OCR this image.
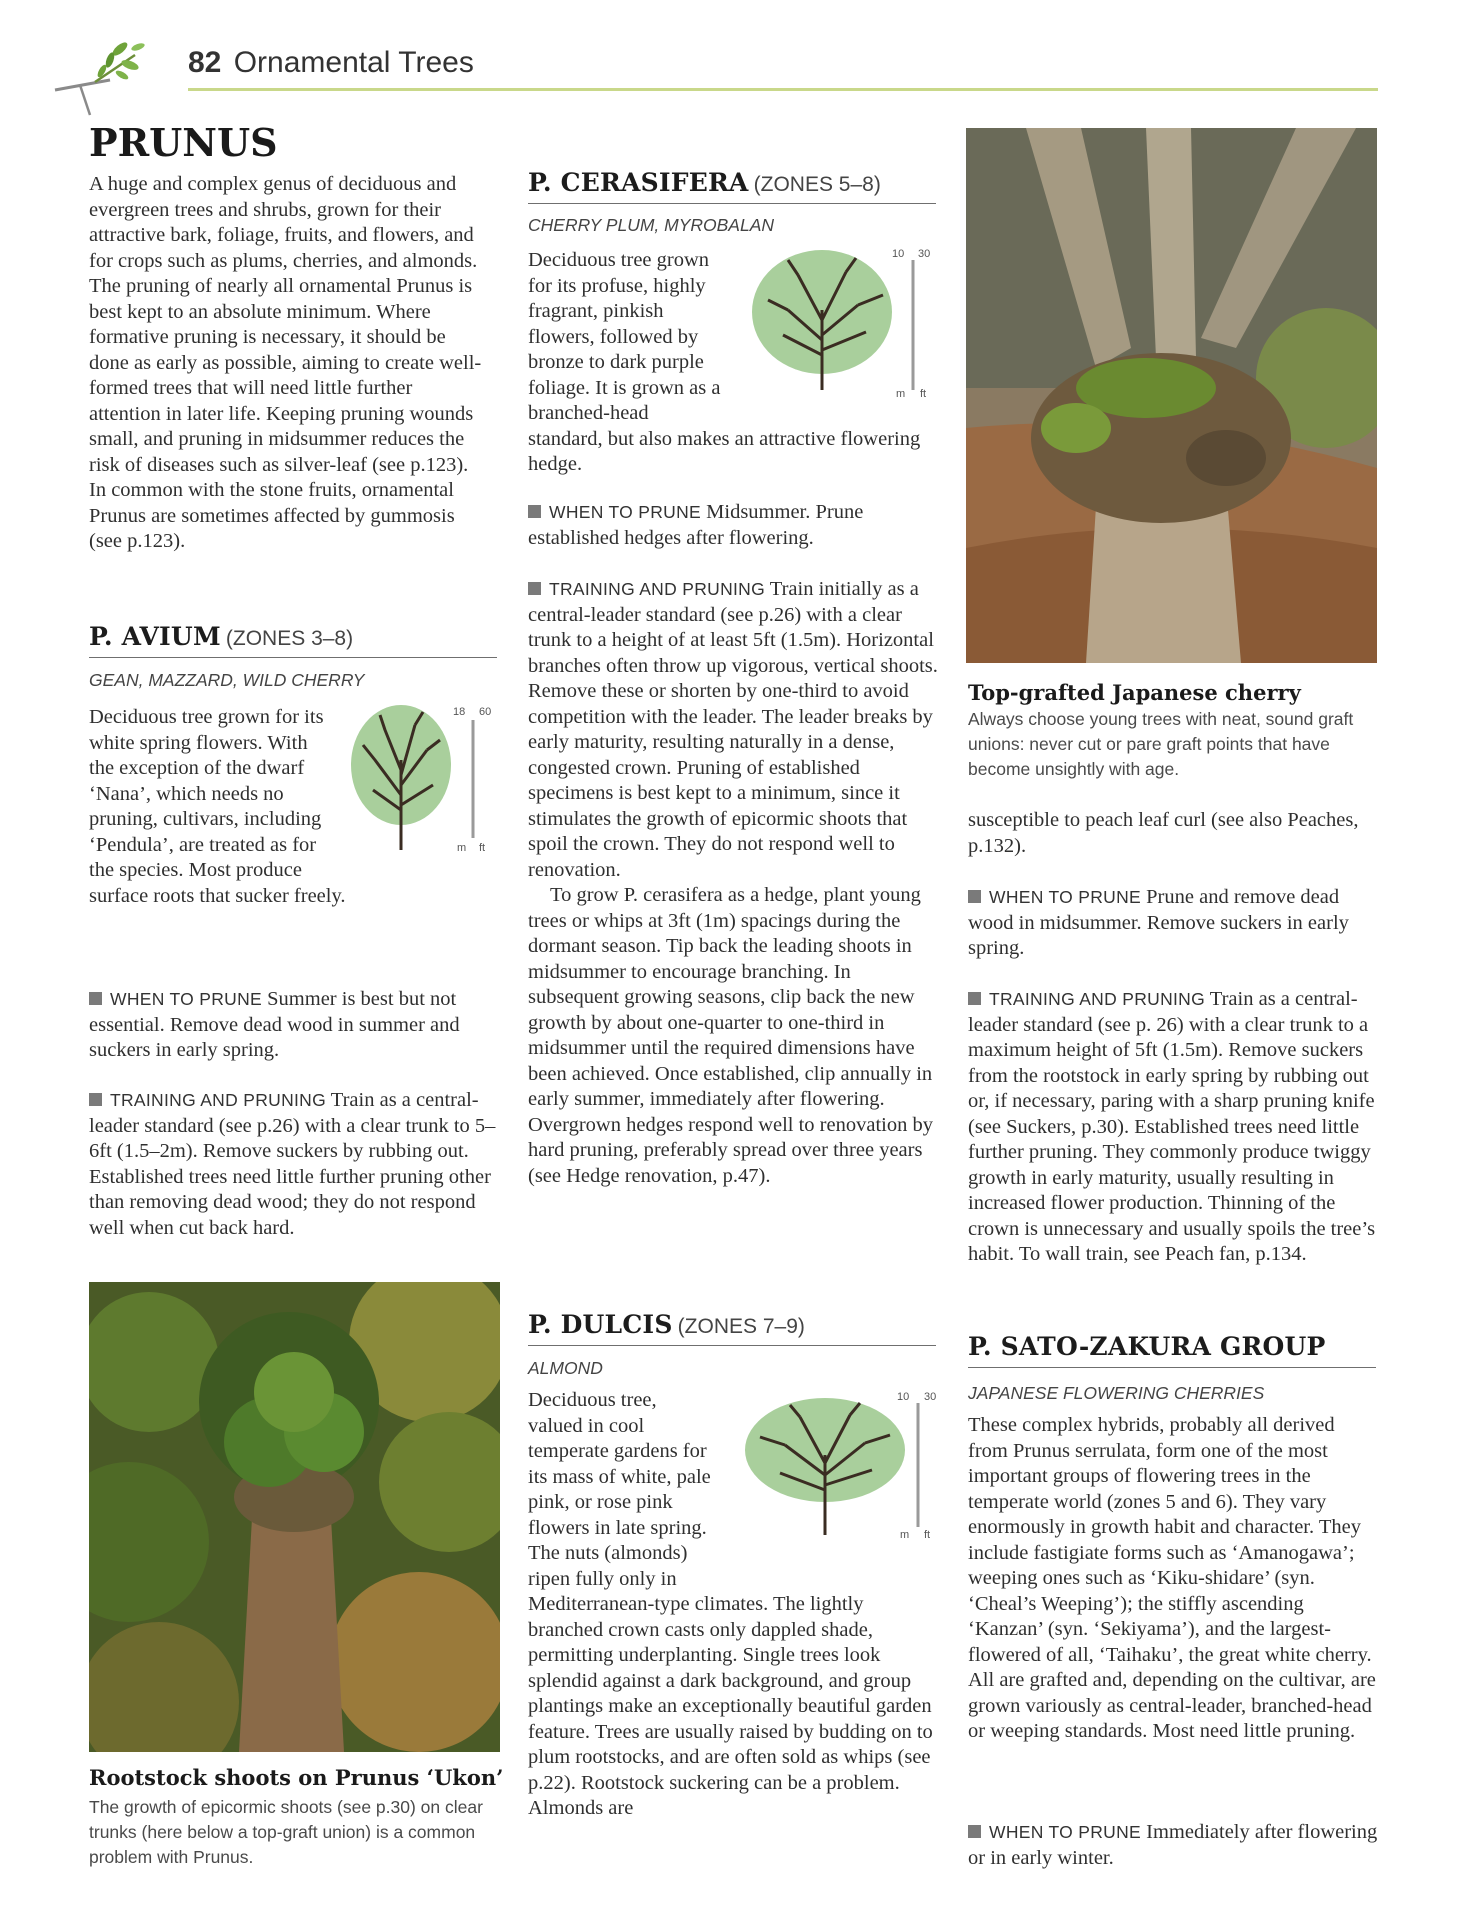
82 Ornamental Trees
PRUNUS

A huge and complex genus of deciduous and evergreen trees and shrubs, grown for their attractive bark, foliage, fruits, and flowers, and for crops such as plums, cherries, and almonds. The pruning of nearly all ornamental Prunus is best kept to an absolute minimum. Where formative pruning is necessary, it should be done as early as possible, aiming to create well-formed trees that will need little further attention in later life. Keeping pruning wounds small, and pruning in midsummer reduces the risk of diseases such as silver-leaf (see p.123). In common with the stone fruits, ornamental Prunus are sometimes affected by gummosis (see p.123).

P. AVIUM (ZONES 3–8)
GEAN, MAZZARD, WILD CHERRY
18 60
m ft

Deciduous tree grown for its white spring flowers. With the exception of the dwarf ‘Nana’, which needs no pruning, cultivars, including ‘Pendula’, are treated as for the species. Most produce surface roots that sucker freely.

WHEN TO PRUNE Summer is best but not essential. Remove dead wood in summer and suckers in early spring.
TRAINING AND PRUNING Train as a central-leader standard (see p.26) with a clear trunk to 5–6ft (1.5–2m). Remove suckers by rubbing out. Established trees need little further pruning other than removing dead wood; they do not respond well when cut back hard.
Rootstock shoots on Prunus ‘Ukon’
The growth of epicormic shoots (see p.30) on clear trunks (here below a top-graft union) is a common problem with Prunus.
P. CERASIFERA (ZONES 5–8)
CHERRY PLUM, MYROBALAN
10 30
m ft

Deciduous tree grown for its profuse, highly fragrant, pinkish flowers, followed by bronze to dark purple foliage. It is grown as a branched-head standard, but also makes an attractive flowering hedge.

WHEN TO PRUNE Midsummer. Prune established hedges after flowering.

TRAINING AND PRUNING Train initially as a central-leader standard (see p.26) with a clear trunk to a height of at least 5ft (1.5m). Horizontal branches often throw up vigorous, vertical shoots. Remove these or shorten by one-third to avoid competition with the leader. The leader breaks by early maturity, resulting naturally in a dense, congested crown. Pruning of established specimens is best kept to a minimum, since it stimulates the growth of epicormic shoots that spoil the crown. They do not respond well to renovation.

To grow P. cerasifera as a hedge, plant young trees or whips at 3ft (1m) spacings during the dormant season. Tip back the leading shoots in midsummer to encourage branching. In subsequent growing seasons, clip back the new growth by about one-quarter to one-third in midsummer until the required dimensions have been achieved. Once established, clip annually in early summer, immediately after flowering. Overgrown hedges respond well to renovation by hard pruning, preferably spread over three years (see Hedge renovation, p.47).

P. DULCIS (ZONES 7–9)
ALMOND
10 30
m ft

Deciduous tree, valued in cool temperate gardens for its mass of white, pale pink, or rose pink flowers in late spring. The nuts (almonds) ripen fully only in Mediterranean-type climates. The lightly branched crown casts only dappled shade, permitting underplanting. Single trees look splendid against a dark background, and group plantings make an exceptionally beautiful garden feature. Trees are usually raised by budding on to plum rootstocks, and are often sold as whips (see p.22). Rootstock suckering can be a problem. Almonds are

Top-grafted Japanese cherry
Always choose young trees with neat, sound graft unions: never cut or pare graft points that have become unsightly with age.

susceptible to peach leaf curl (see also Peaches, p.132).

WHEN TO PRUNE Prune and remove dead wood in midsummer. Remove suckers in early spring.
TRAINING AND PRUNING Train as a central-leader standard (see p. 26) with a clear trunk to a maximum height of 5ft (1.5m). Remove suckers from the rootstock in early spring by rubbing out or, if necessary, paring with a sharp pruning knife (see Suckers, p.30). Established trees need little further pruning. They commonly produce twiggy growth in early maturity, usually resulting in increased flower production. Thinning of the crown is unnecessary and usually spoils the tree’s habit. To wall train, see Peach fan, p.134.
P. SATO-ZAKURA GROUP
JAPANESE FLOWERING CHERRIES

These complex hybrids, probably all derived from Prunus serrulata, form one of the most important groups of flowering trees in the temperate world (zones 5 and 6). They vary enormously in growth habit and character. They include fastigiate forms such as ‘Amanogawa’; weeping ones such as ‘Kiku-shidare’ (syn. ‘Cheal’s Weeping’); the stiffly ascending ‘Kanzan’ (syn. ‘Sekiyama’), and the largest-flowered of all, ‘Taihaku’, the great white cherry. All are grafted and, depending on the cultivar, are grown variously as central-leader, branched-head or weeping standards. Most need little pruning.

WHEN TO PRUNE Immediately after flowering or in early winter.
